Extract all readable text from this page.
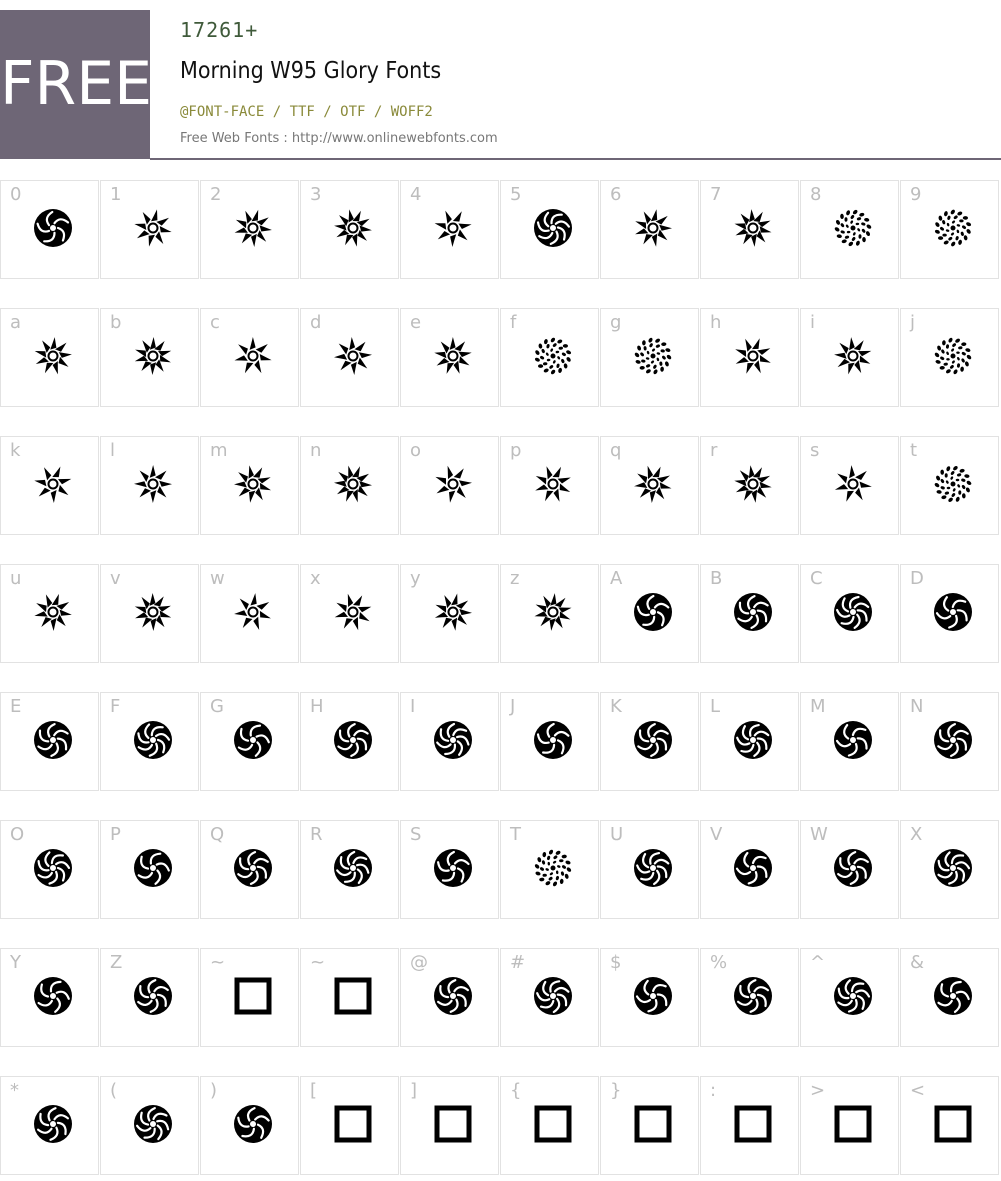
FREE
17261+
Morning W95 Glory Fonts
@FONT-FACE / TTF / OTF / WOFF2
Free Web Fonts : http://www.onlinewebfonts.com
0	1	2	3	4	5	6	7	8	9
a	b	c	d	e	f	g	h	i	j
k	l	m	n	o	p	q	r	s	t
u	v	w	x	y	z	A	B	C	D
E	F	G	H	I	J	K	L	M	N
O	P	Q	R	S	T	U	V	W	X
Y	Z	~	~	@	#	$	%	^	&
*	(	)	[	]	{	}	:	>	<
